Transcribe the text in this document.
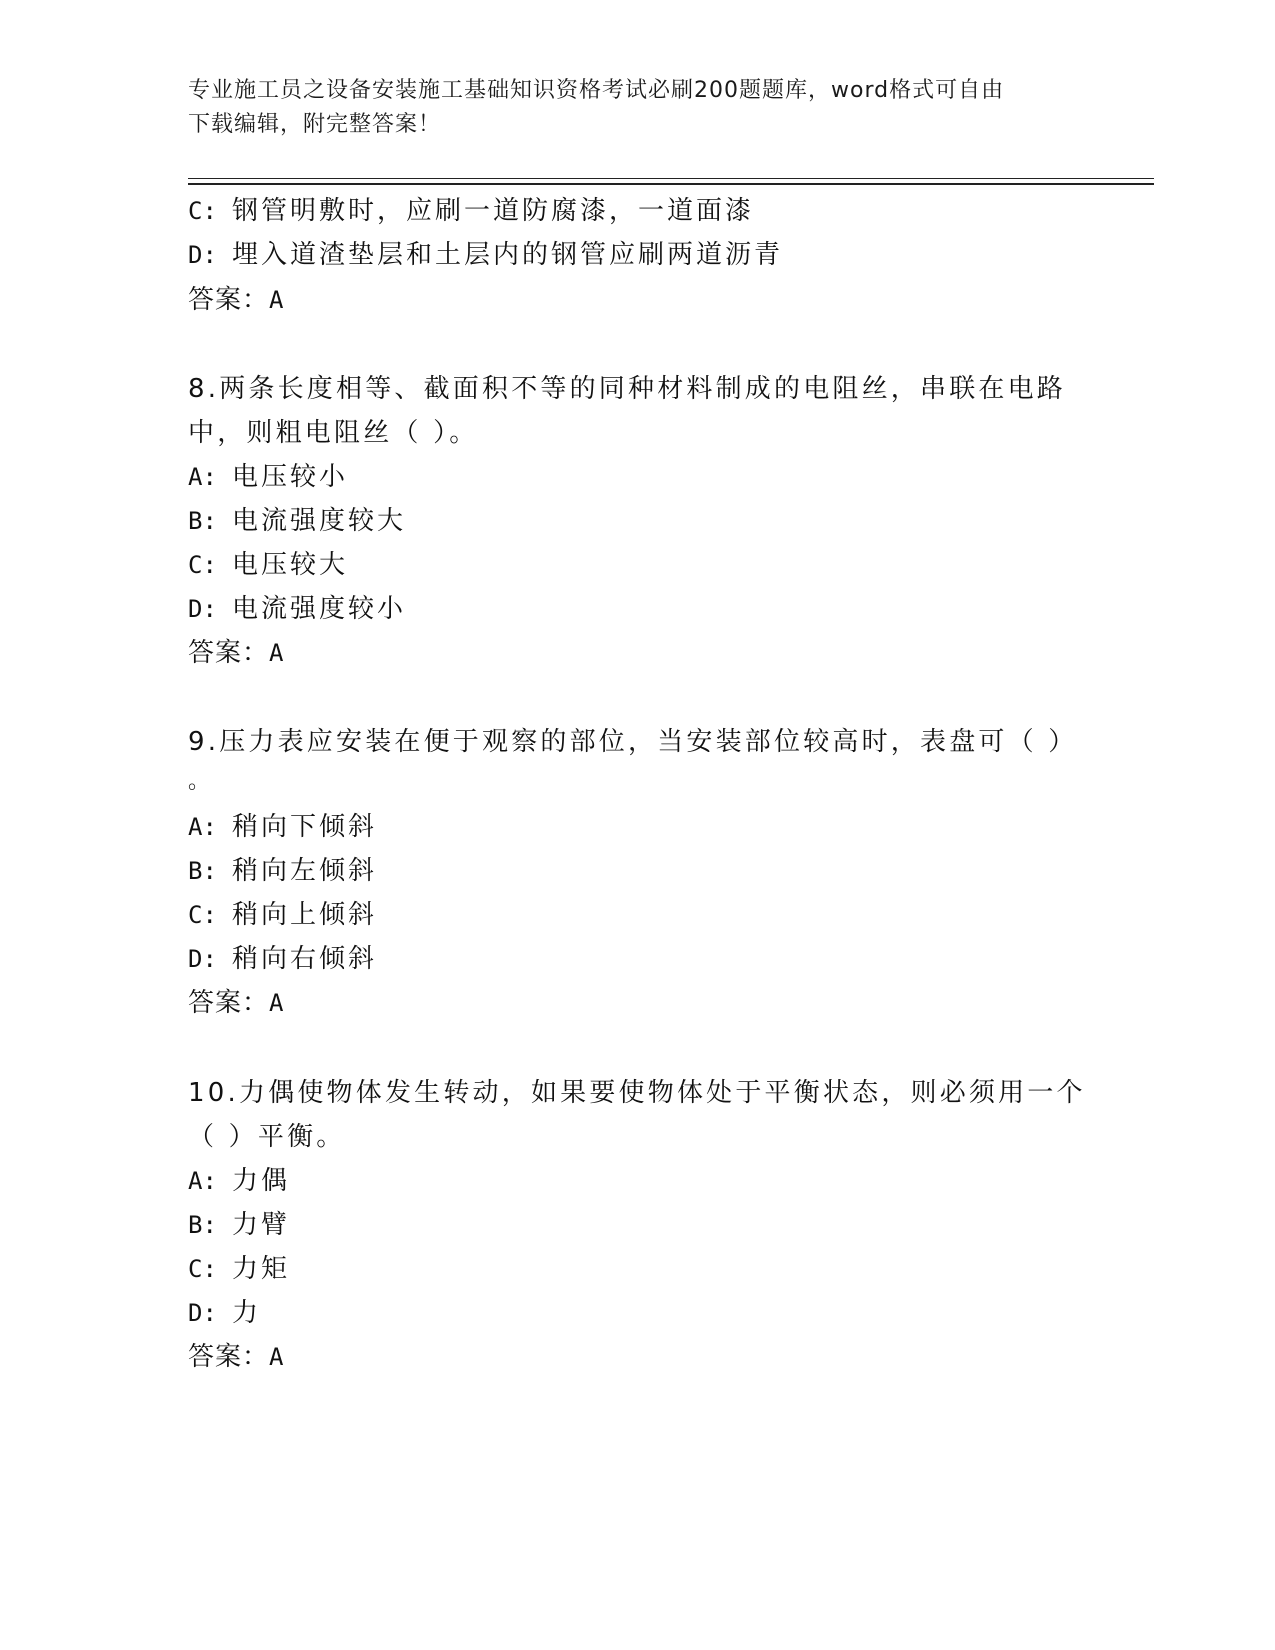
专业施工员之设备安装施工基础知识资格考试必刷200题题库，word格式可自由
下载编辑，附完整答案！
C: 钢管明敷时，应刷一道防腐漆，一道面漆
D: 埋入道渣垫层和土层内的钢管应刷两道沥青
答案：A
8.两条长度相等、截面积不等的同种材料制成的电阻丝，串联在电路
中，则粗电阻丝（ ）。
A: 电压较小
B: 电流强度较大
C: 电压较大
D: 电流强度较小
答案：A
9.压力表应安装在便于观察的部位，当安装部位较高时，表盘可（ ）
。
A: 稍向下倾斜
B: 稍向左倾斜
C: 稍向上倾斜
D: 稍向右倾斜
答案：A
10.力偶使物体发生转动，如果要使物体处于平衡状态，则必须用一个
（ ）平衡。
A: 力偶
B: 力臂
C: 力矩
D: 力
答案：A
